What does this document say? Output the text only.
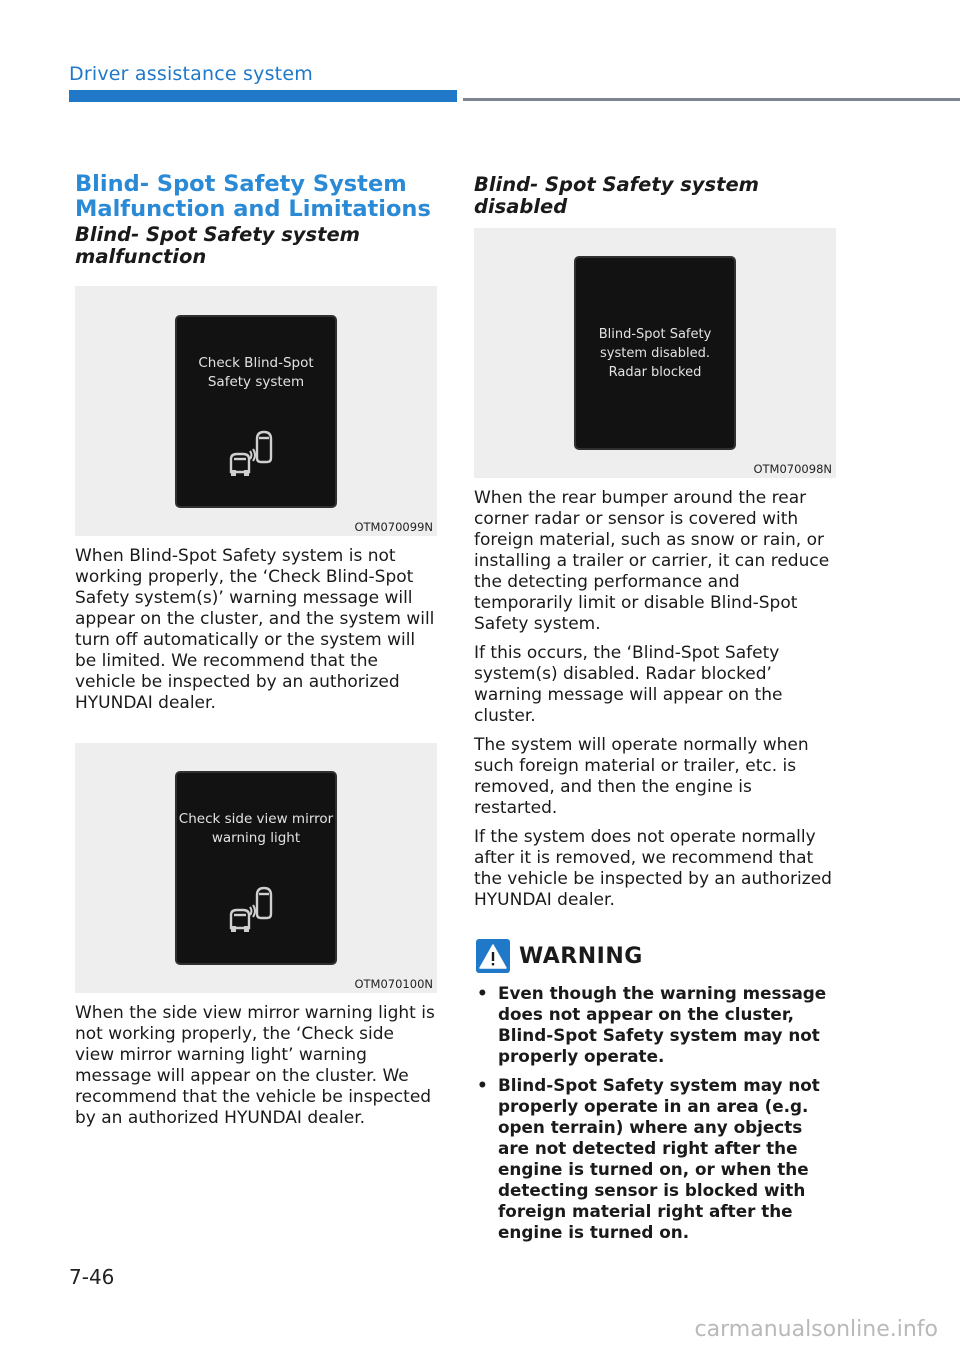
Driver assistance system
Blind- Spot Safety System Malfunction and Limitations
Blind- Spot Safety system malfunction
Check Blind-Spot
Safety system
OTM070099N

When Blind-Spot Safety system is not working properly, the ‘Check Blind-Spot Safety system(s)’ warning message will appear on the cluster, and the system will turn off automatically or the system will be limited. We recommend that the vehicle be inspected by an authorized HYUNDAI dealer.

Check side view mirror
warning light
OTM070100N

When the side view mirror warning light is not working properly, the ‘Check side view mirror warning light’ warning message will appear on the cluster. We recommend that the vehicle be inspected by an authorized HYUNDAI dealer.

Blind- Spot Safety system disabled
Blind-Spot Safety
system disabled.
Radar blocked
OTM070098N

When the rear bumper around the rear corner radar or sensor is covered with foreign material, such as snow or rain, or installing a trailer or carrier, it can reduce the detecting performance and temporarily limit or disable Blind-Spot Safety system.

If this occurs, the ‘Blind-Spot Safety system(s) disabled. Radar blocked’ warning message will appear on the cluster.

The system will operate normally when such foreign material or trailer, etc. is removed, and then the engine is restarted.

If the system does not operate normally after it is removed, we recommend that the vehicle be inspected by an authorized HYUNDAI dealer.

WARNING
• Even though the warning message does not appear on the cluster, Blind-Spot Safety system may not properly operate.
• Blind-Spot Safety system may not properly operate in an area (e.g. open terrain) where any objects are not detected right after the engine is turned on, or when the detecting sensor is blocked with foreign material right after the engine is turned on.
7-46
carmanualsonline.info
